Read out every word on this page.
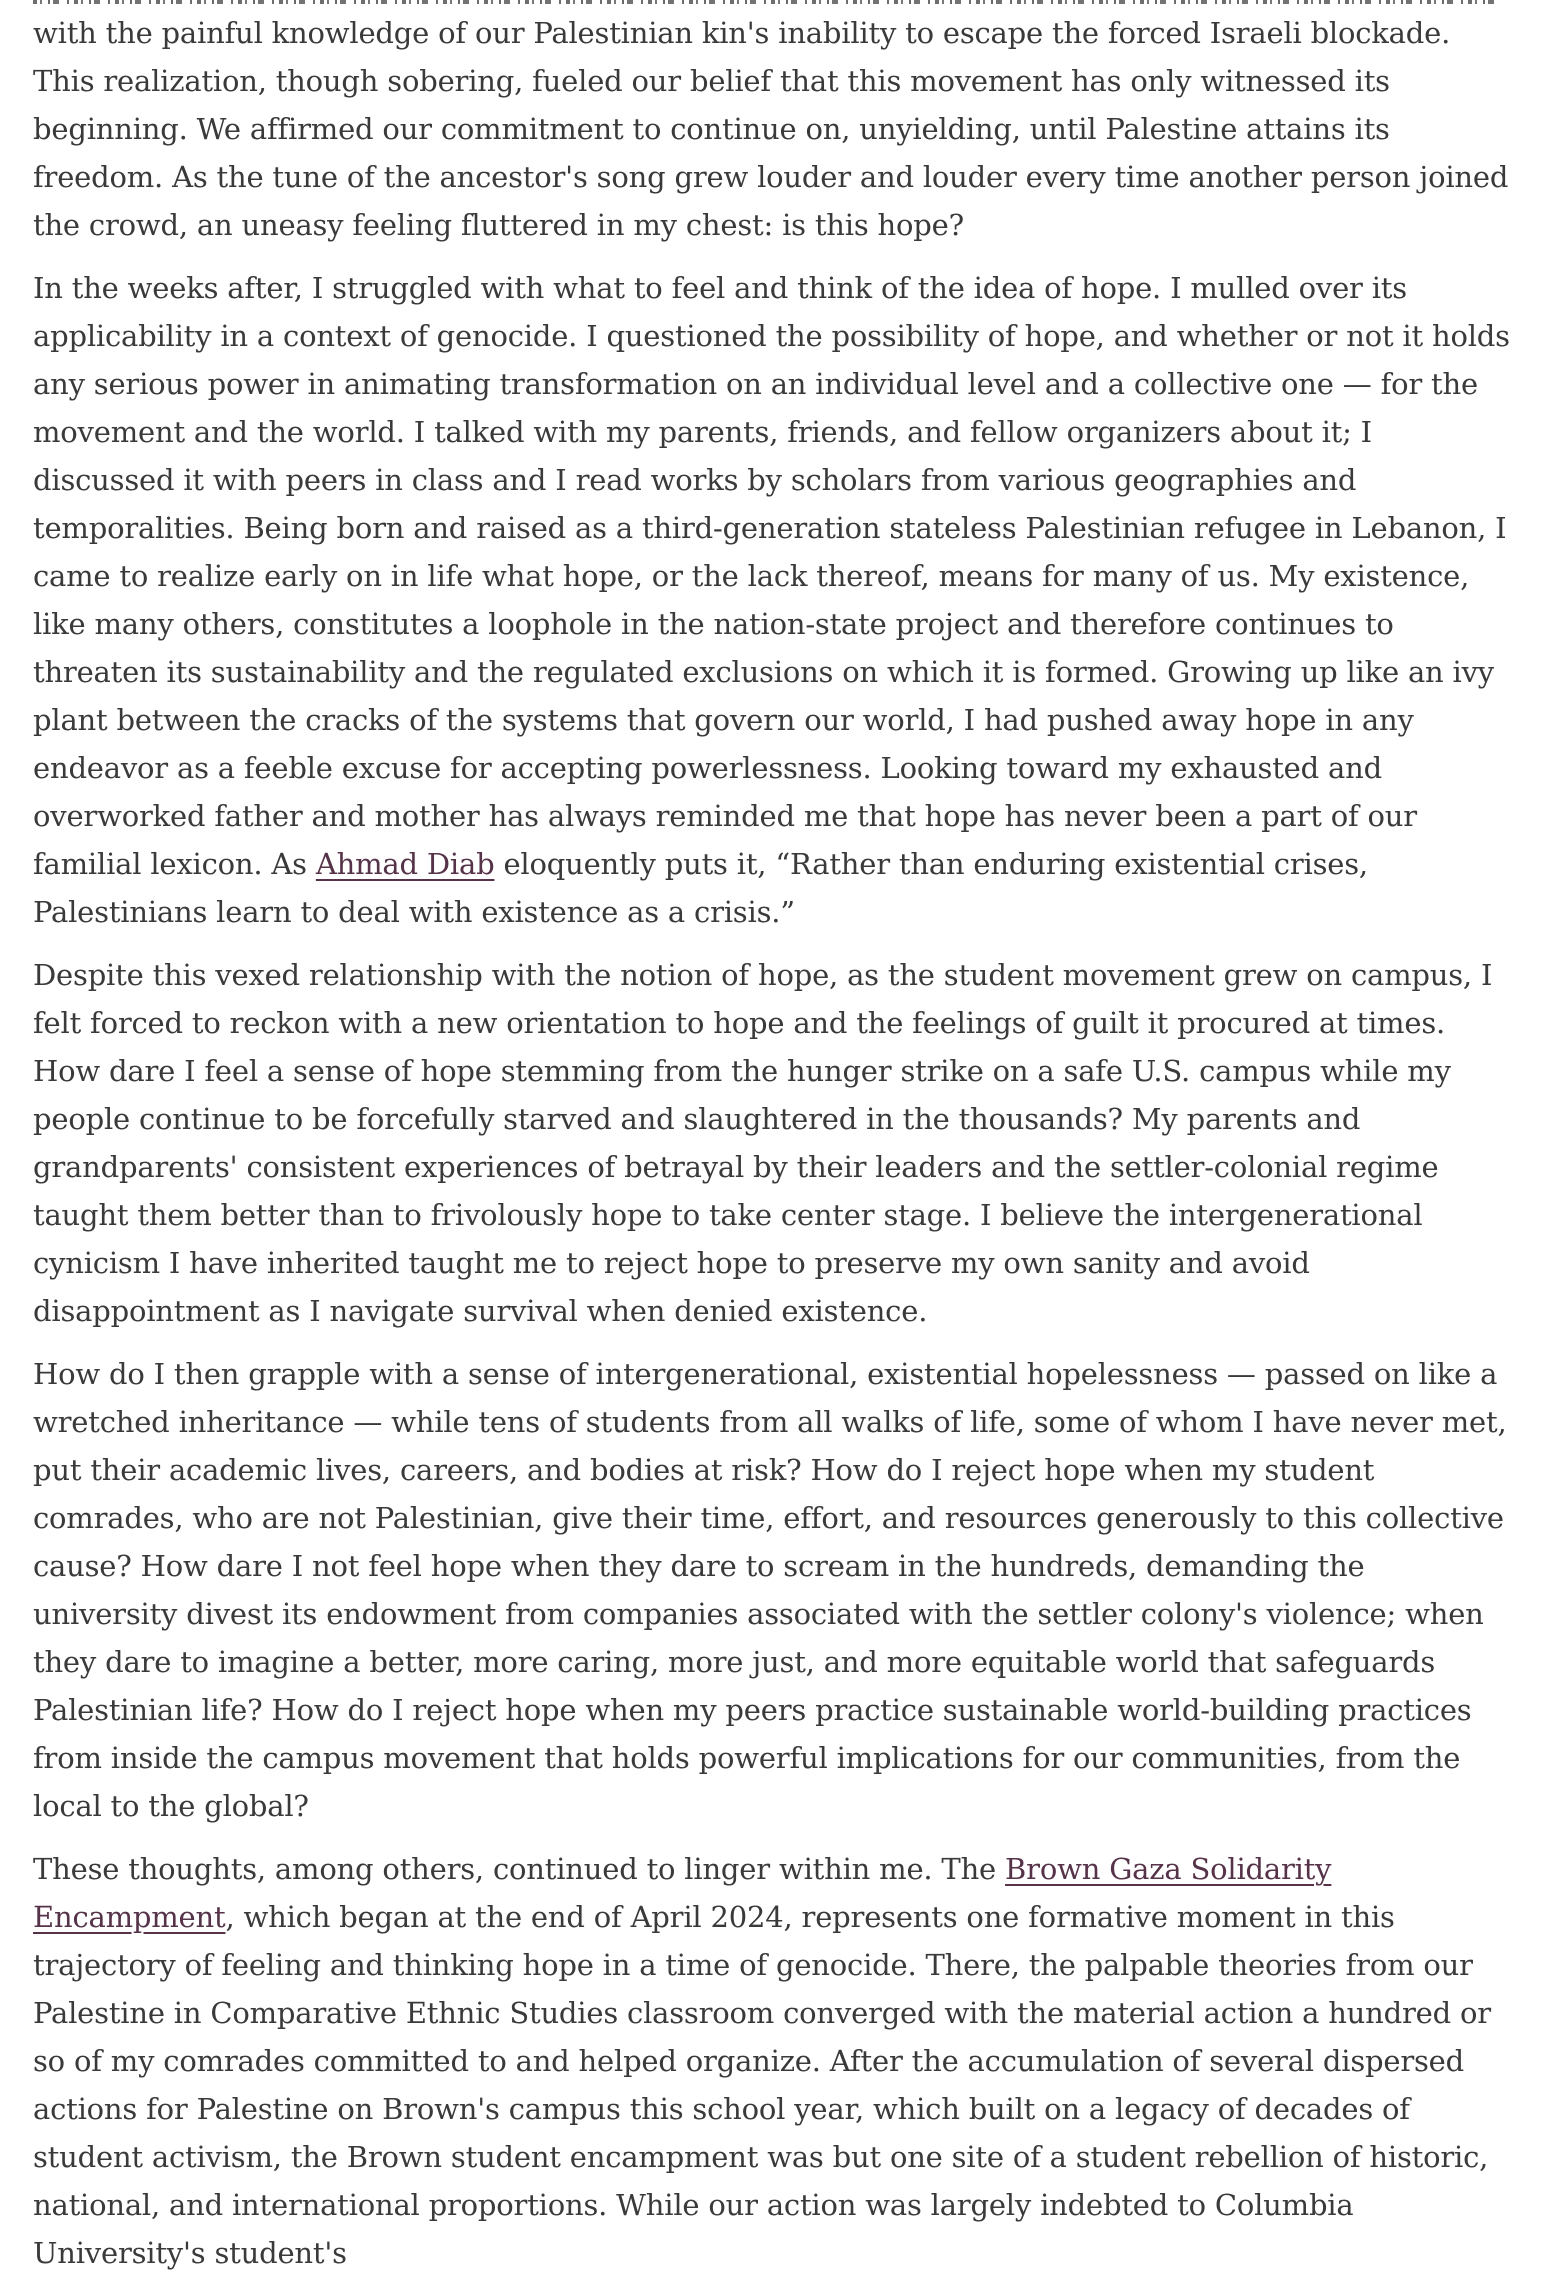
with the painful knowledge of our Palestinian kin's inability to escape the forced Israeli blockade. This realization, though sobering, fueled our belief that this movement has only witnessed its beginning. We affirmed our commitment to continue on, unyielding, until Palestine attains its freedom. As the tune of the ancestor's song grew louder and louder every time another person joined the crowd, an uneasy feeling fluttered in my chest: is this hope?

In the weeks after, I struggled with what to feel and think of the idea of hope. I mulled over its applicability in a context of genocide. I questioned the possibility of hope, and whether or not it holds any serious power in animating transformation on an individual level and a collective one — for the movement and the world. I talked with my parents, friends, and fellow organizers about it; I discussed it with peers in class and I read works by scholars from various geographies and temporalities. Being born and raised as a third-generation stateless Palestinian refugee in Lebanon, I came to realize early on in life what hope, or the lack thereof, means for many of us. My existence, like many others, constitutes a loophole in the nation-state project and therefore continues to threaten its sustainability and the regulated exclusions on which it is formed. Growing up like an ivy plant between the cracks of the systems that govern our world, I had pushed away hope in any endeavor as a feeble excuse for accepting powerlessness. Looking toward my exhausted and overworked father and mother has always reminded me that hope has never been a part of our familial lexicon. As Ahmad Diab eloquently puts it, “Rather than enduring existential crises, Palestinians learn to deal with existence as a crisis.”

Despite this vexed relationship with the notion of hope, as the student movement grew on campus, I felt forced to reckon with a new orientation to hope and the feelings of guilt it procured at times. How dare I feel a sense of hope stemming from the hunger strike on a safe U.S. campus while my people continue to be forcefully starved and slaughtered in the thousands? My parents and grandparents' consistent experiences of betrayal by their leaders and the settler-colonial regime taught them better than to frivolously hope to take center stage. I believe the intergenerational cynicism I have inherited taught me to reject hope to preserve my own sanity and avoid disappointment as I navigate survival when denied existence.

How do I then grapple with a sense of intergenerational, existential hopelessness — passed on like a wretched inheritance — while tens of students from all walks of life, some of whom I have never met, put their academic lives, careers, and bodies at risk? How do I reject hope when my student comrades, who are not Palestinian, give their time, effort, and resources generously to this collective cause? How dare I not feel hope when they dare to scream in the hundreds, demanding the university divest its endowment from companies associated with the settler colony's violence; when they dare to imagine a better, more caring, more just, and more equitable world that safeguards Palestinian life? How do I reject hope when my peers practice sustainable world-building practices from inside the campus movement that holds powerful implications for our communities, from the local to the global?

These thoughts, among others, continued to linger within me. The Brown Gaza Solidarity Encampment, which began at the end of April 2024, represents one formative moment in this trajectory of feeling and thinking hope in a time of genocide. There, the palpable theories from our Palestine in Comparative Ethnic Studies classroom converged with the material action a hundred or so of my comrades committed to and helped organize. After the accumulation of several dispersed actions for Palestine on Brown's campus this school year, which built on a legacy of decades of student activism, the Brown student encampment was but one site of a student rebellion of historic, national, and international proportions. While our action was largely indebted to Columbia University's student's
